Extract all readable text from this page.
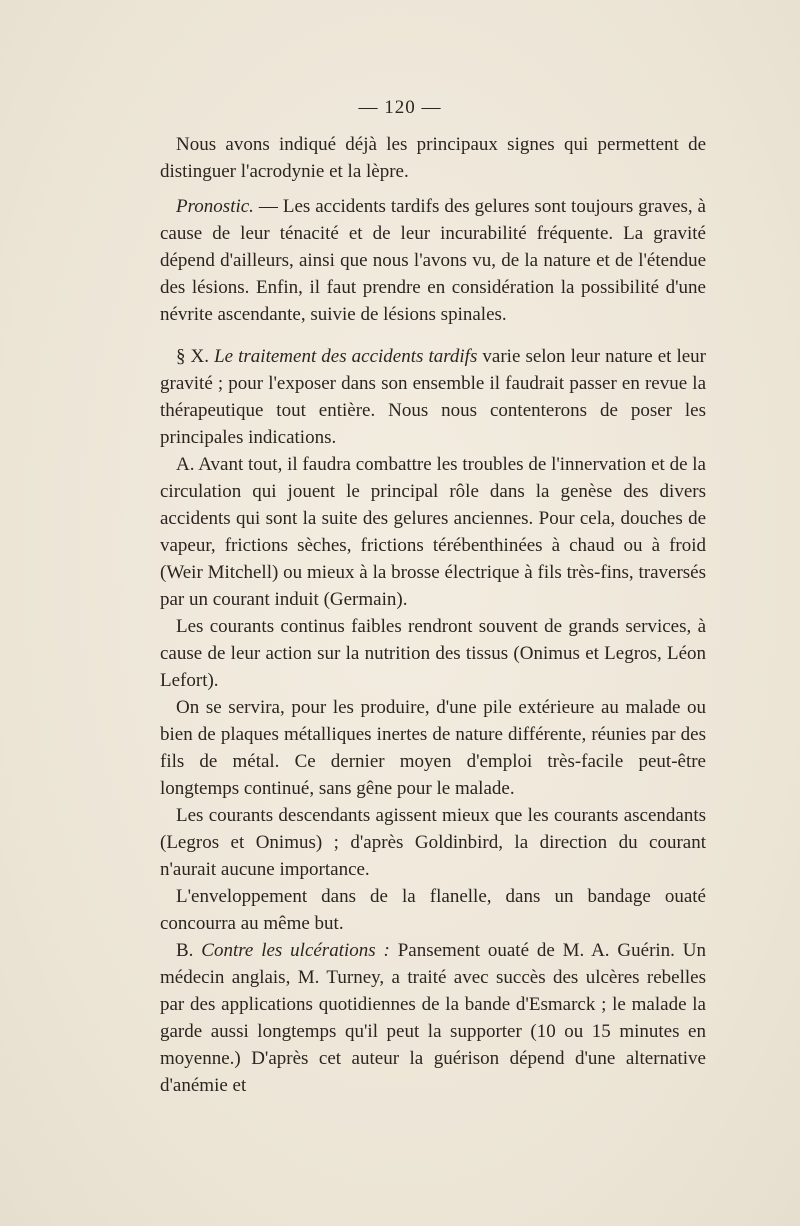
— 120 —

Nous avons indiqué déjà les principaux signes qui permettent de distinguer l'acrodynie et la lèpre.

Pronostic. — Les accidents tardifs des gelures sont toujours graves, à cause de leur ténacité et de leur incurabilité fréquente. La gravité dépend d'ailleurs, ainsi que nous l'avons vu, de la nature et de l'étendue des lésions. Enfin, il faut prendre en considération la possibilité d'une névrite ascendante, suivie de lésions spinales.

§ X. Le traitement des accidents tardifs varie selon leur nature et leur gravité ; pour l'exposer dans son ensemble il faudrait passer en revue la thérapeutique tout entière. Nous nous contenterons de poser les principales indications.

A. Avant tout, il faudra combattre les troubles de l'innervation et de la circulation qui jouent le principal rôle dans la genèse des divers accidents qui sont la suite des gelures anciennes. Pour cela, douches de vapeur, frictions sèches, frictions térébenthinées à chaud ou à froid (Weir Mitchell) ou mieux à la brosse électrique à fils très-fins, traversés par un courant induit (Germain).

Les courants continus faibles rendront souvent de grands services, à cause de leur action sur la nutrition des tissus (Onimus et Legros, Léon Lefort).

On se servira, pour les produire, d'une pile extérieure au malade ou bien de plaques métalliques inertes de nature différente, réunies par des fils de métal. Ce dernier moyen d'emploi très-facile peut-être longtemps continué, sans gêne pour le malade.

Les courants descendants agissent mieux que les courants ascendants (Legros et Onimus) ; d'après Goldinbird, la direction du courant n'aurait aucune importance.

L'enveloppement dans de la flanelle, dans un bandage ouaté concourra au même but.

B. Contre les ulcérations : Pansement ouaté de M. A. Guérin. Un médecin anglais, M. Turney, a traité avec succès des ulcères rebelles par des applications quotidiennes de la bande d'Esmarck ; le malade la garde aussi longtemps qu'il peut la supporter (10 ou 15 minutes en moyenne.) D'après cet auteur la guérison dépend d'une alternative d'anémie et
